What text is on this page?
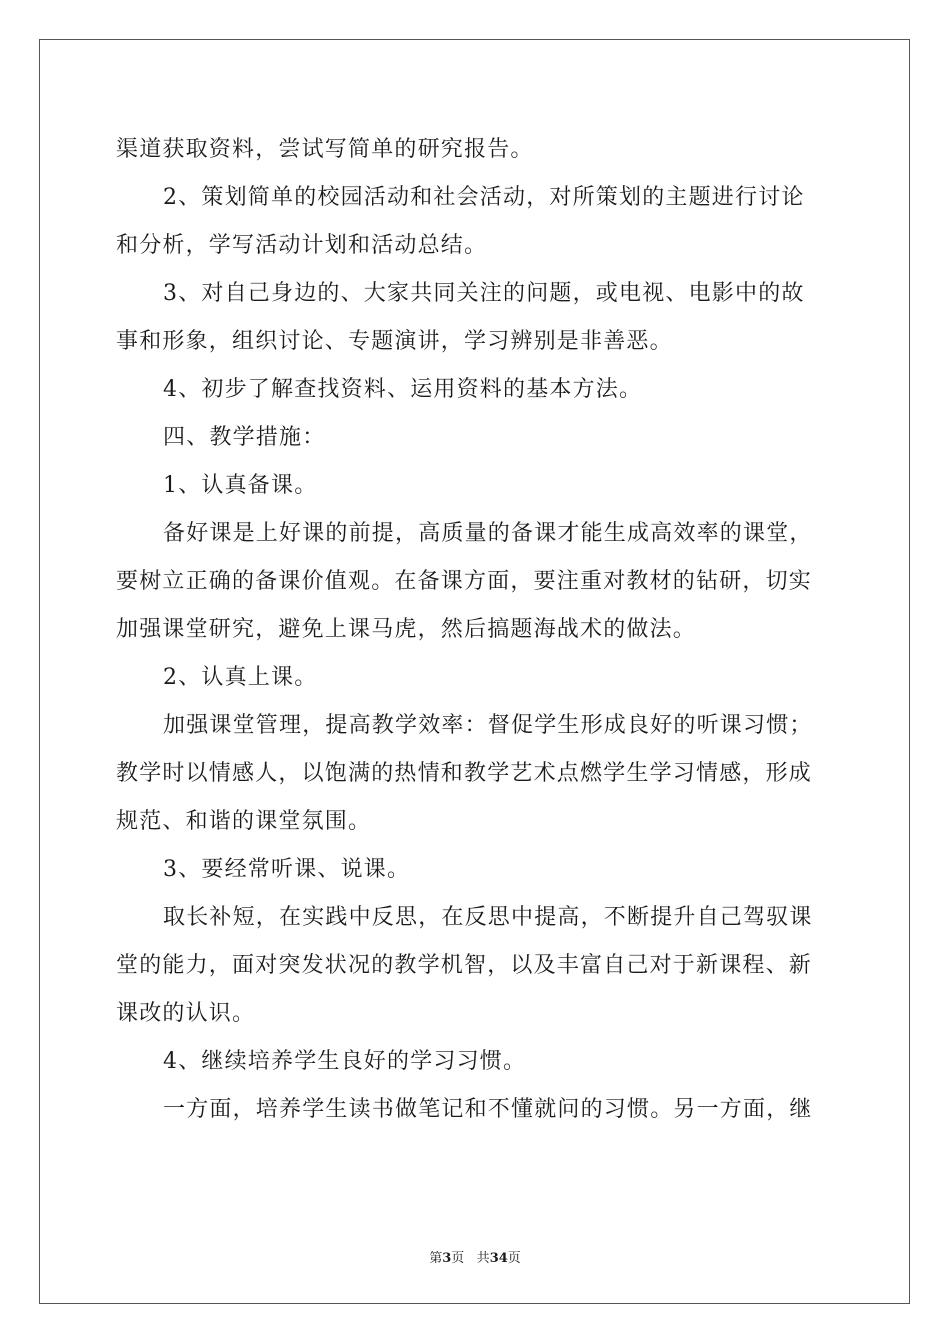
渠道获取资料，尝试写简单的研究报告。
2、策划简单的校园活动和社会活动，对所策划的主题进行讨论
和分析，学写活动计划和活动总结。
3、对自己身边的、大家共同关注的问题，或电视、电影中的故
事和形象，组织讨论、专题演讲，学习辨别是非善恶。
4、初步了解查找资料、运用资料的基本方法。
四、教学措施：
1、认真备课。
备好课是上好课的前提，高质量的备课才能生成高效率的课堂，
要树立正确的备课价值观。在备课方面，要注重对教材的钻研，切实
加强课堂研究，避免上课马虎，然后搞题海战术的做法。
2、认真上课。
加强课堂管理，提高教学效率：督促学生形成良好的听课习惯；
教学时以情感人，以饱满的热情和教学艺术点燃学生学习情感，形成
规范、和谐的课堂氛围。
3、要经常听课、说课。
取长补短，在实践中反思，在反思中提高，不断提升自己驾驭课
堂的能力，面对突发状况的教学机智，以及丰富自己对于新课程、新
课改的认识。
4、继续培养学生良好的学习习惯。
一方面，培养学生读书做笔记和不懂就问的习惯。另一方面，继
第3页 共34页
